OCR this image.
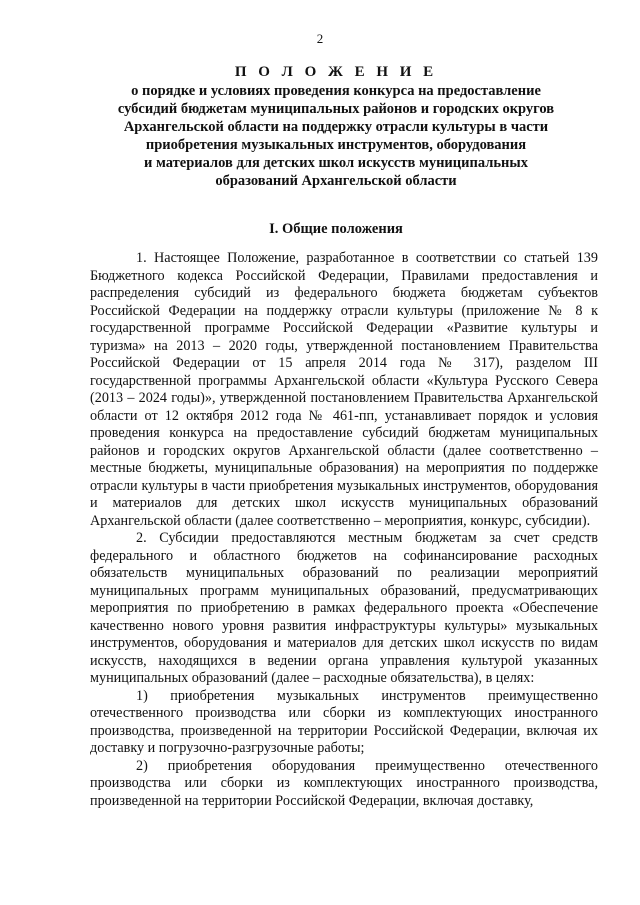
2
П О Л О Ж Е Н И Е
о порядке и условиях проведения конкурса на предоставление
субсидий бюджетам муниципальных районов и городских округов
Архангельской области на поддержку отрасли культуры в части
приобретения музыкальных инструментов, оборудования
и материалов для детских школ искусств муниципальных
образований Архангельской области
I. Общие положения

1. Настоящее Положение, разработанное в соответствии со статьей 139 Бюджетного кодекса Российской Федерации, Правилами предоставления и распределения субсидий из федерального бюджета бюджетам субъектов Российской Федерации на поддержку отрасли культуры (приложение № 8 к государственной программе Российской Федерации «Развитие культуры и туризма» на 2013 – 2020 годы, утвержденной постановлением Правительства Российской Федерации от 15 апреля 2014 года № 317), разделом III государственной программы Архангельской области «Культура Русского Севера (2013 – 2024 годы)», утвержденной постановлением Правительства Архангельской области от 12 октября 2012 года № 461-пп, устанавливает порядок и условия проведения конкурса на предоставление субсидий бюджетам муниципальных районов и городских округов Архангельской области (далее соответственно – местные бюджеты, муниципальные образования) на мероприятия по поддержке отрасли культуры в части приобретения музыкальных инструментов, оборудования и материалов для детских школ искусств муниципальных образований Архангельской области (далее соответственно – мероприятия, конкурс, субсидии).

2. Субсидии предоставляются местным бюджетам за счет средств федерального и областного бюджетов на софинансирование расходных обязательств муниципальных образований по реализации мероприятий муниципальных программ муниципальных образований, предусматривающих мероприятия по приобретению в рамках федерального проекта «Обеспечение качественно нового уровня развития инфраструктуры культуры» музыкальных инструментов, оборудования и материалов для детских школ искусств по видам искусств, находящихся в ведении органа управления культурой указанных муниципальных образований (далее – расходные обязательства), в целях:

1) приобретения музыкальных инструментов преимущественно отечественного производства или сборки из комплектующих иностранного производства, произведенной на территории Российской Федерации, включая их доставку и погрузочно-разгрузочные работы;

2) приобретения оборудования преимущественно отечественного производства или сборки из комплектующих иностранного производства, произведенной на территории Российской Федерации, включая доставку,
